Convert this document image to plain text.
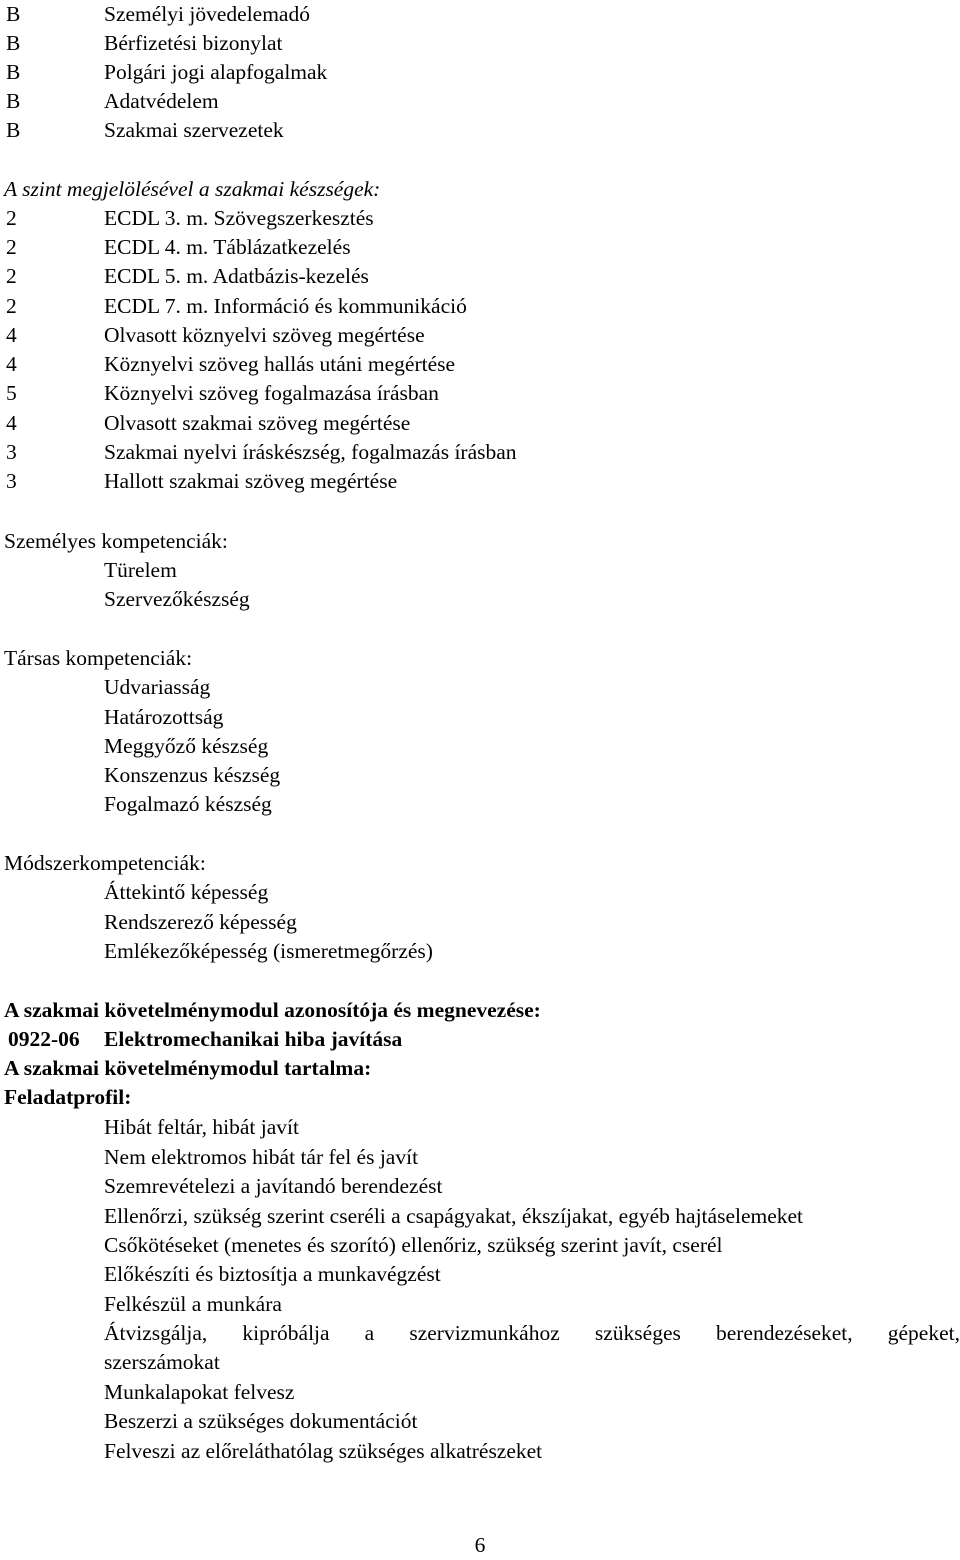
B	Személyi jövedelemadó
B	Bérfizetési bizonylat
B	Polgári jogi alapfogalmak
B	Adatvédelem
B	Szakmai szervezetek
A szint megjelölésével a szakmai készségek:
2	ECDL 3. m. Szövegszerkesztés
2	ECDL 4. m. Táblázatkezelés
2	ECDL 5. m. Adatbázis-kezelés
2	ECDL 7. m. Információ és kommunikáció
4	Olvasott köznyelvi szöveg megértése
4	Köznyelvi szöveg hallás utáni megértése
5	Köznyelvi szöveg fogalmazása írásban
4	Olvasott szakmai szöveg megértése
3	Szakmai nyelvi íráskészség, fogalmazás írásban
3	Hallott szakmai szöveg megértése
Személyes kompetenciák:
Türelem
Szervezőkészség
Társas kompetenciák:
Udvariasság
Határozottság
Meggyőző készség
Konszenzus készség
Fogalmazó készség
Módszerkompetenciák:
Áttekintő képesség
Rendszerező képesség
Emlékezőképesség (ismeretmegőrzés)
A szakmai követelménymodul azonosítója és megnevezése:
0922-06 Elektromechanikai hiba javítása
A szakmai követelménymodul tartalma:
Feladatprofil:
Hibát feltár, hibát javít
Nem elektromos hibát tár fel és javít
Szemrevételezi a javítandó berendezést
Ellenőrzi, szükség szerint cseréli a csapágyakat, ékszíjakat, egyéb hajtáselemeket
Csőkötéseket (menetes és szorító) ellenőriz, szükség szerint javít, cserél
Előkészíti és biztosítja a munkavégzést
Felkészül a munkára
Átvizsgálja, kipróbálja a szervizmunkához szükséges berendezéseket, gépeket,
szerszámokat
Munkalapokat felvesz
Beszerzi a szükséges dokumentációt
Felveszi az előreláthatólag szükséges alkatrészeket
6
